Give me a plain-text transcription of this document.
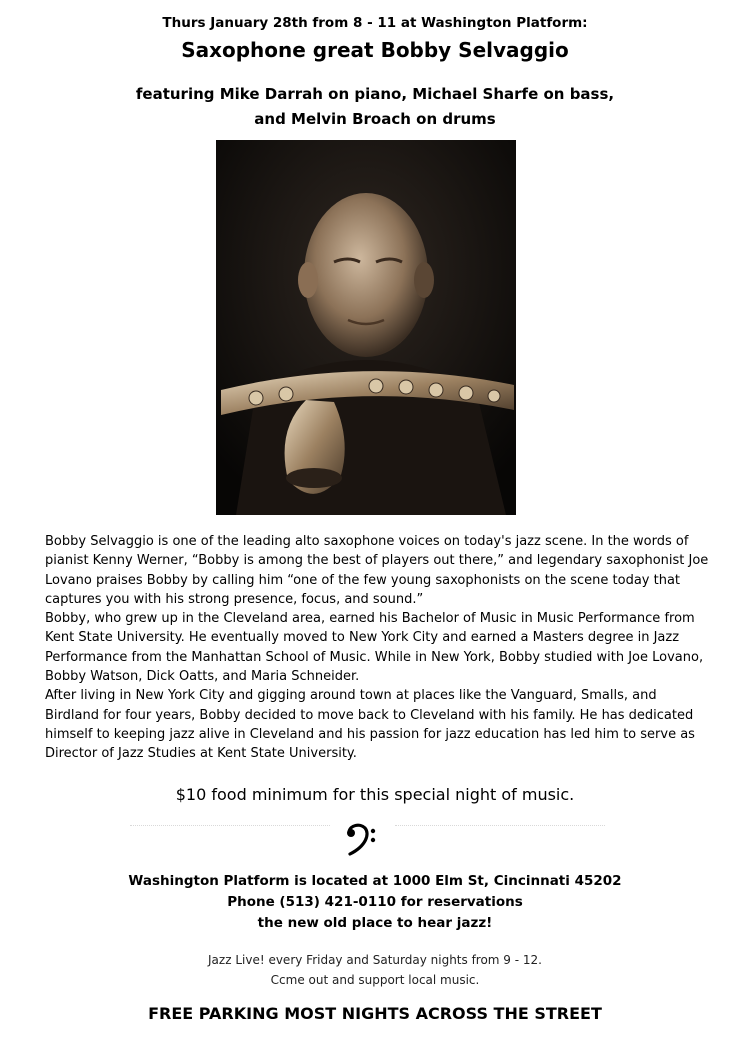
Thurs January 28th from 8 - 11 at Washington Platform:
Saxophone great Bobby Selvaggio
featuring Mike Darrah on piano, Michael Sharfe on bass,
and Melvin Broach on drums

Bobby Selvaggio is one of the leading alto saxophone voices on today's jazz scene. In the words of pianist Kenny Werner, “Bobby is among the best of players out there,” and legendary saxophonist Joe Lovano praises Bobby by calling him “one of the few young saxophonists on the scene today that captures you with his strong presence, focus, and sound.”

Bobby, who grew up in the Cleveland area, earned his Bachelor of Music in Music Performance from Kent State University. He eventually moved to New York City and earned a Masters degree in Jazz Performance from the Manhattan School of Music. While in New York, Bobby studied with Joe Lovano, Bobby Watson, Dick Oatts, and Maria Schneider.

After living in New York City and gigging around town at places like the Vanguard, Smalls, and Birdland for four years, Bobby decided to move back to Cleveland with his family. He has dedicated himself to keeping jazz alive in Cleveland and his passion for jazz education has led him to serve as Director of Jazz Studies at Kent State University.

$10 food minimum for this special night of music.
Washington Platform is located at 1000 Elm St, Cincinnati 45202
Phone (513) 421-0110 for reservations
the new old place to hear jazz!
Jazz Live! every Friday and Saturday nights from 9 - 12.
Ccme out and support local music.
FREE PARKING MOST NIGHTS ACROSS THE STREET
